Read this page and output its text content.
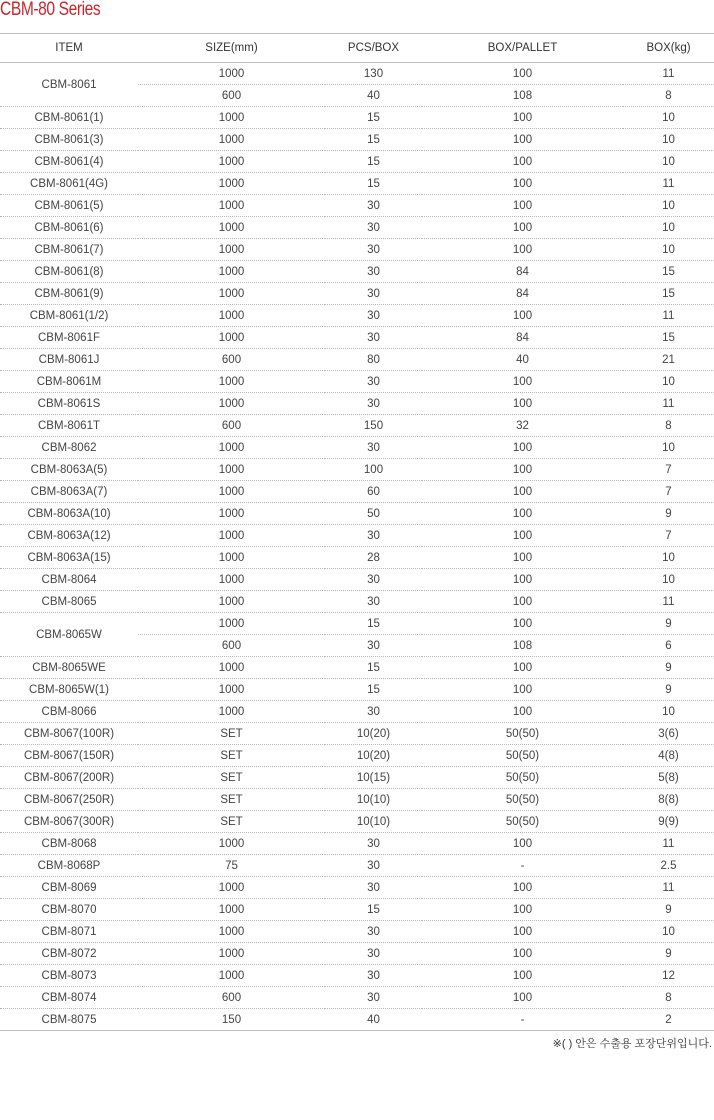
CBM-80 Series
ITEM	SIZE(mm)	PCS/BOX	BOX/PALLET	BOX(kg)
CBM-8061	1000	130	100	11
	600	40	108	8
CBM-8061(1)	1000	15	100	10
CBM-8061(3)	1000	15	100	10
CBM-8061(4)	1000	15	100	10
CBM-8061(4G)	1000	15	100	11
CBM-8061(5)	1000	30	100	10
CBM-8061(6)	1000	30	100	10
CBM-8061(7)	1000	30	100	10
CBM-8061(8)	1000	30	84	15
CBM-8061(9)	1000	30	84	15
CBM-8061(1/2)	1000	30	100	11
CBM-8061F	1000	30	84	15
CBM-8061J	600	80	40	21
CBM-8061M	1000	30	100	10
CBM-8061S	1000	30	100	11
CBM-8061T	600	150	32	8
CBM-8062	1000	30	100	10
CBM-8063A(5)	1000	100	100	7
CBM-8063A(7)	1000	60	100	7
CBM-8063A(10)	1000	50	100	9
CBM-8063A(12)	1000	30	100	7
CBM-8063A(15)	1000	28	100	10
CBM-8064	1000	30	100	10
CBM-8065	1000	30	100	11
CBM-8065W	1000	15	100	9
	600	30	108	6
CBM-8065WE	1000	15	100	9
CBM-8065W(1)	1000	15	100	9
CBM-8066	1000	30	100	10
CBM-8067(100R)	SET	10(20)	50(50)	3(6)
CBM-8067(150R)	SET	10(20)	50(50)	4(8)
CBM-8067(200R)	SET	10(15)	50(50)	5(8)
CBM-8067(250R)	SET	10(10)	50(50)	8(8)
CBM-8067(300R)	SET	10(10)	50(50)	9(9)
CBM-8068	1000	30	100	11
CBM-8068P	75	30	-	2.5
CBM-8069	1000	30	100	11
CBM-8070	1000	15	100	9
CBM-8071	1000	30	100	10
CBM-8072	1000	30	100	9
CBM-8073	1000	30	100	12
CBM-8074	600	30	100	8
CBM-8075	150	40	-	2
※( ) 안은 수출용 포장단위입니다.
